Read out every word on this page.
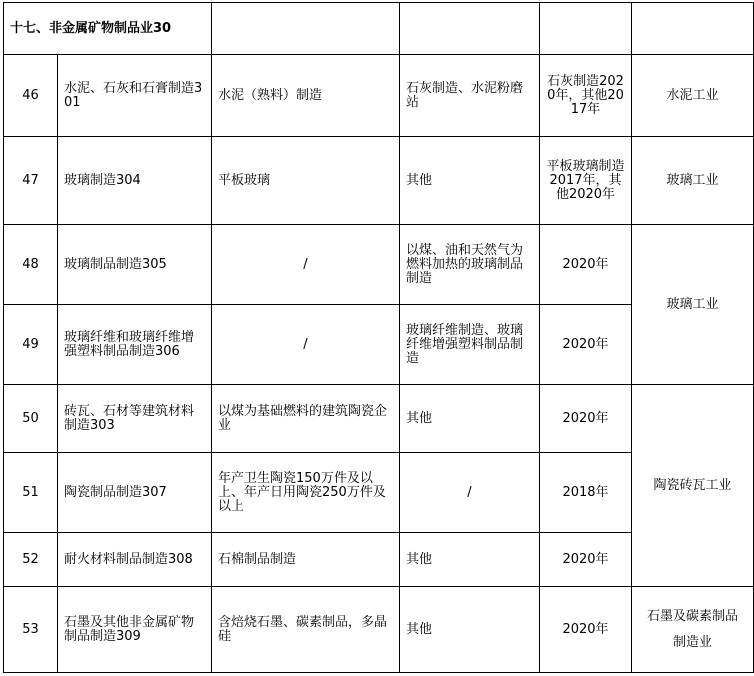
十七、非金属矿物制品业30					
46	水泥、石灰和石膏制造301	水泥（熟料）制造	石灰制造、水泥粉磨站	石灰制造2020年，其他2017年	水泥工业
47	玻璃制造304	平板玻璃	其他	平板玻璃制造2017年，其他2020年	玻璃工业
48	玻璃制品制造305	/	以煤、油和天然气为燃料加热的玻璃制品制造	2020年	玻璃工业
49	玻璃纤维和玻璃纤维增强塑料制品制造306	/	玻璃纤维制造、玻璃纤维增强塑料制品制造	2020年	
50	砖瓦、石材等建筑材料制造303	以煤为基础燃料的建筑陶瓷企业	其他	2020年	陶瓷砖瓦工业
51	陶瓷制品制造307	年产卫生陶瓷150万件及以上、年产日用陶瓷250万件及以上	/	2018年	
52	耐火材料制品制造308	石棉制品制造	其他	2020年	
53	石墨及其他非金属矿物制品制造309	含焙烧石墨、碳素制品，多晶硅	其他	2020年	石墨及碳素制品
制造业
